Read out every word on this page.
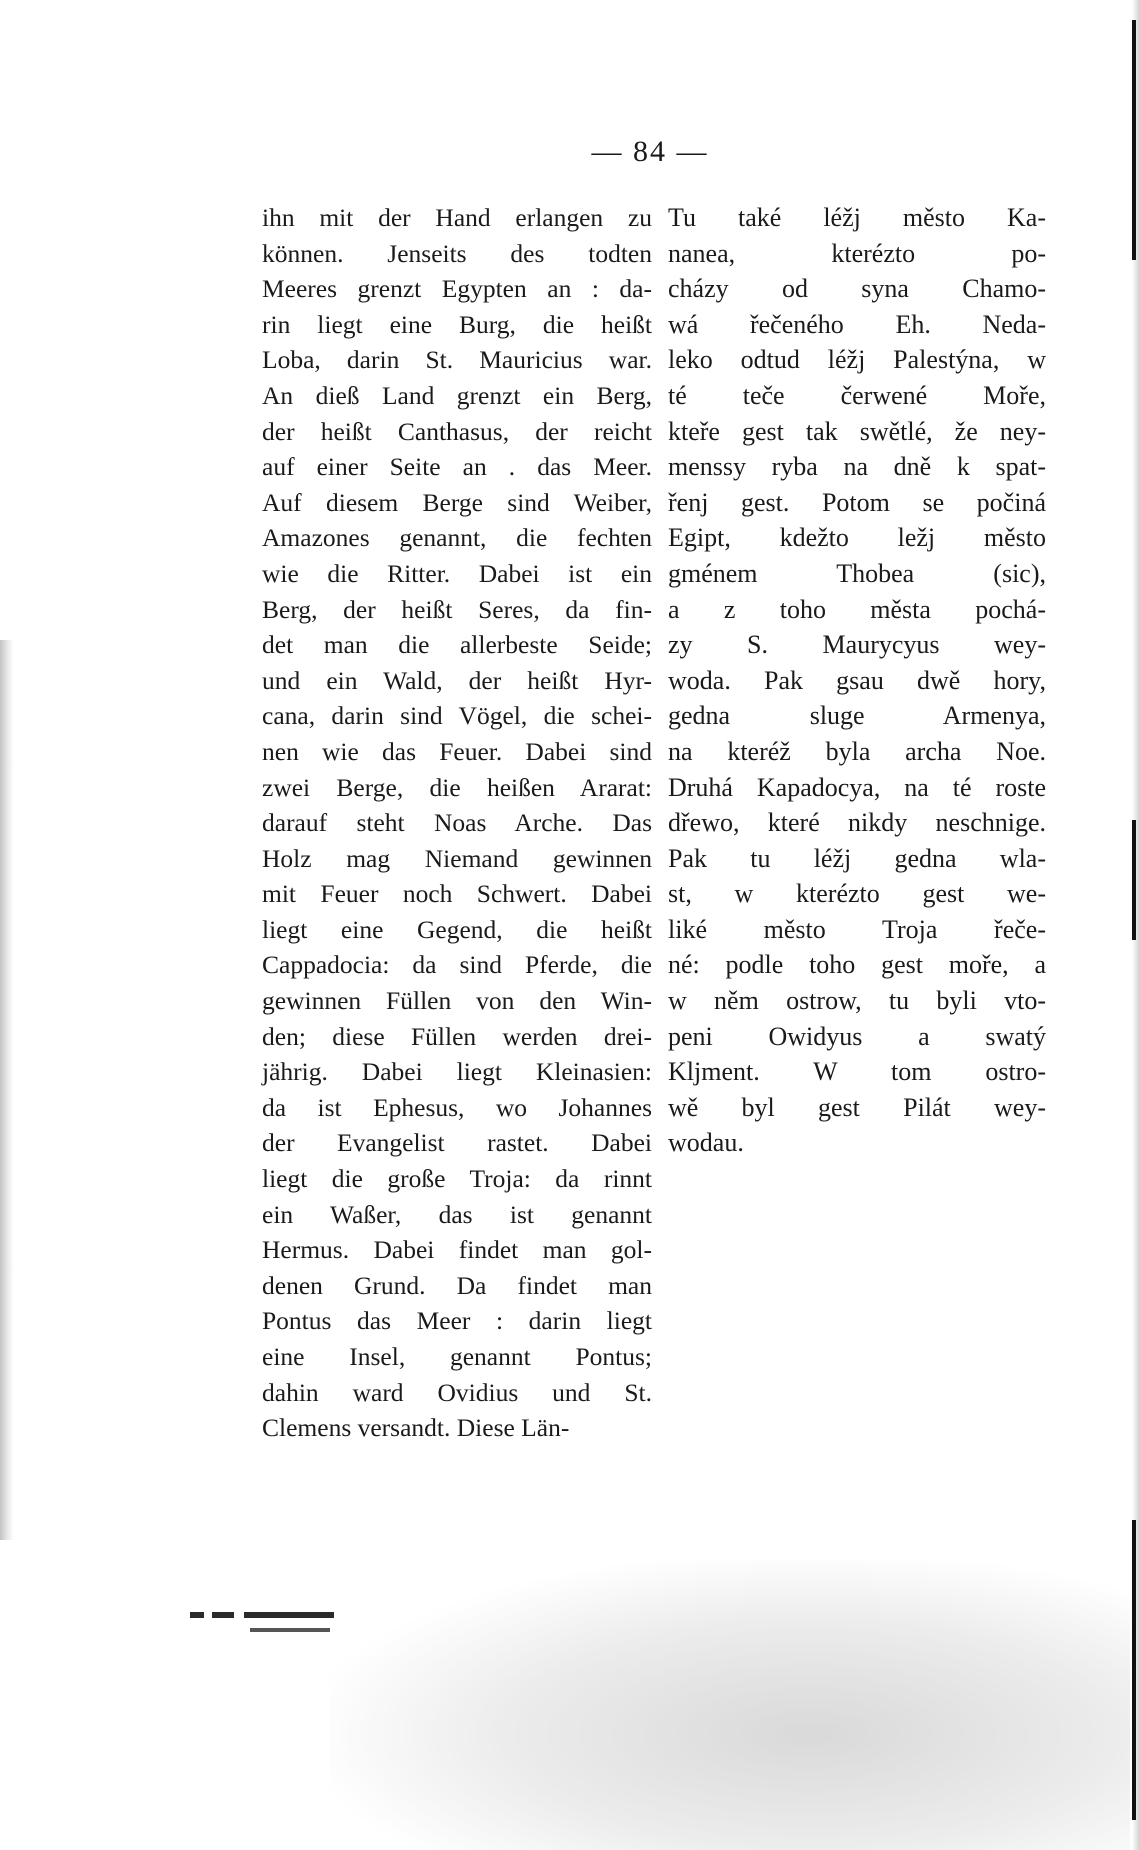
— 84 —
ihn mit der Hand erlangen zu
können. Jenseits des todten
Meeres grenzt Egypten an : da-
rin liegt eine Burg, die heißt
Loba, darin St. Mauricius war.
An dieß Land grenzt ein Berg,
der heißt Canthasus, der reicht
auf einer Seite an . das Meer.
Auf diesem Berge sind Weiber,
Amazones genannt, die fechten
wie die Ritter. Dabei ist ein
Berg, der heißt Seres, da fin-
det man die allerbeste Seide;
und ein Wald, der heißt Hyr-
cana, darin sind Vögel, die schei-
nen wie das Feuer. Dabei sind
zwei Berge, die heißen Ararat:
darauf steht Noas Arche. Das
Holz mag Niemand gewinnen
mit Feuer noch Schwert. Dabei
liegt eine Gegend, die heißt
Cappadocia: da sind Pferde, die
gewinnen Füllen von den Win-
den; diese Füllen werden drei-
jährig. Dabei liegt Kleinasien:
da ist Ephesus, wo Johannes
der Evangelist rastet. Dabei
liegt die große Troja: da rinnt
ein Waßer, das ist genannt
Hermus. Dabei findet man gol-
denen Grund. Da findet man
Pontus das Meer : darin liegt
eine Insel, genannt Pontus;
dahin ward Ovidius und St.
Clemens versandt. Diese Län-
Tu také léžj město Ka-
nanea, kterézto po-
cházy od syna Chamo-
wá řečeného Eh. Neda-
leko odtud léžj Palestýna, w
té teče čerwené Moře,
kteře gest tak swětlé, že ney-
menssy ryba na dně k spat-
řenj gest. Potom se počiná
Egipt, kdežto ležj město
gménem Thobea (sic),
a z toho města pochá-
zy S. Maurycyus wey-
woda. Pak gsau dwě hory,
gedna sluge Armenya,
na kteréž byla archa Noe.
Druhá Kapadocya, na té roste
dřewo, které nikdy neschnige.
Pak tu léžj gedna wla-
st, w kterézto gest we-
liké město Troja řeče-
né: podle toho gest moře, a
w něm ostrow, tu byli vto-
peni Owidyus a swatý
Kljment. W tom ostro-
wě byl gest Pilát wey-
wodau.
